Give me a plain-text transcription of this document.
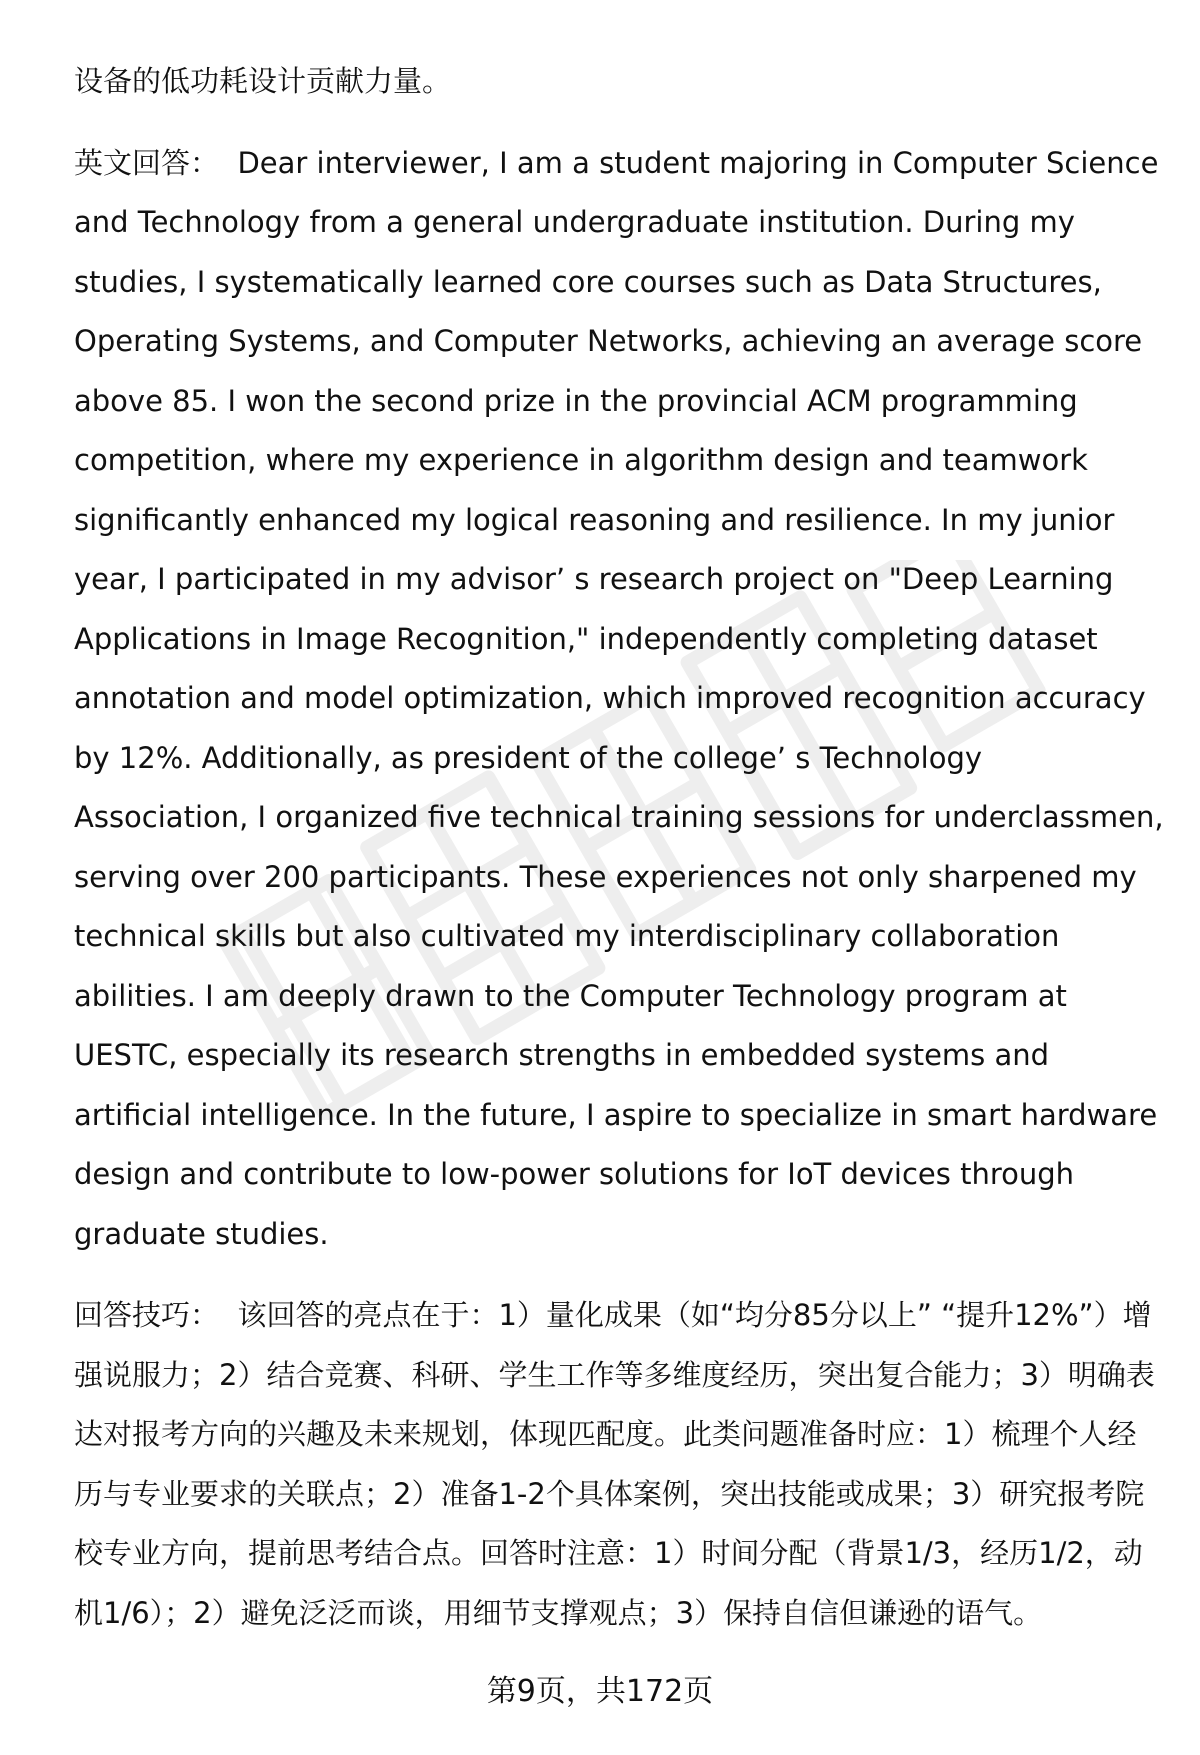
设备的低功耗设计贡献力量。

英文回答： Dear interviewer, I am a student majoring in Computer Science and Technology from a general undergraduate institution. During my studies, I systematically learned core courses such as Data Structures, Operating Systems, and Computer Networks, achieving an average score above 85. I won the second prize in the provincial ACM programming competition, where my experience in algorithm design and teamwork significantly enhanced my logical reasoning and resilience. In my junior year, I participated in my advisor’ s research project on "Deep Learning Applications in Image Recognition," independently completing dataset annotation and model optimization, which improved recognition accuracy by 12%. Additionally, as president of the college’ s Technology Association, I organized five technical training sessions for underclassmen, serving over 200 participants. These experiences not only sharpened my technical skills but also cultivated my interdisciplinary collaboration abilities. I am deeply drawn to the Computer Technology program at UESTC, especially its research strengths in embedded systems and artificial intelligence. In the future, I aspire to specialize in smart hardware design and contribute to low-power solutions for IoT devices through graduate studies.

回答技巧： 该回答的亮点在于：1）量化成果（如“均分85分以上” “提升12%”）增强说服力；2）结合竞赛、科研、学生工作等多维度经历，突出复合能力；3）明确表达对报考方向的兴趣及未来规划，体现匹配度。此类问题准备时应：1）梳理个人经历与专业要求的关联点；2）准备1-2个具体案例，突出技能或成果；3）研究报考院校专业方向，提前思考结合点。回答时注意：1）时间分配（背景1/3，经历1/2，动机1/6）；2）避免泛泛而谈，用细节支撑观点；3）保持自信但谦逊的语气。

第9页，共172页
